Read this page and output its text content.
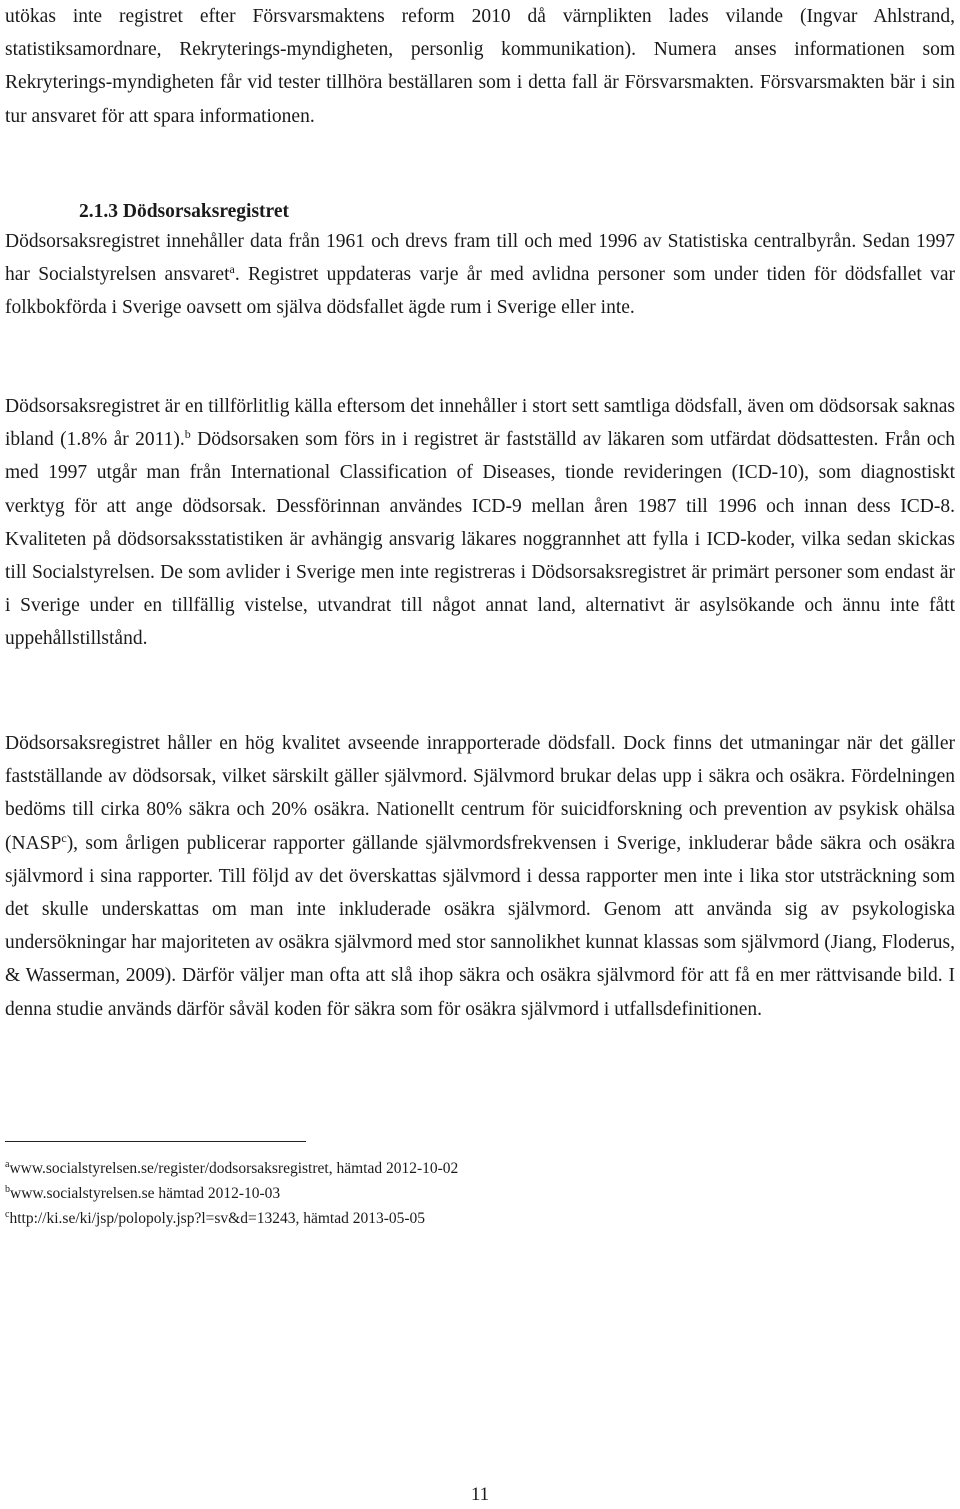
utökas inte registret efter Försvarsmaktens reform 2010 då värnplikten lades vilande (Ingvar Ahlstrand, statistiksamordnare, Rekryterings-myndigheten, personlig kommunikation). Numera anses informationen som Rekryterings-myndigheten får vid tester tillhöra beställaren som i detta fall är Försvarsmakten. Försvarsmakten bär i sin tur ansvaret för att spara informationen.

2.1.3 Dödsorsaksregistret

Dödsorsaksregistret innehåller data från 1961 och drevs fram till och med 1996 av Statistiska centralbyrån. Sedan 1997 har Socialstyrelsen ansvaret$^a$. Registret uppdateras varje år med avlidna personer som under tiden för dödsfallet var folkbokförda i Sverige oavsett om själva dödsfallet ägde rum i Sverige eller inte.

Dödsorsaksregistret är en tillförlitlig källa eftersom det innehåller i stort sett samtliga dödsfall, även om dödsorsak saknas ibland (1.8% år 2011).$^b$ Dödsorsaken som förs in i registret är fastställd av läkaren som utfärdat dödsattesten. Från och med 1997 utgår man från International Classification of Diseases, tionde revideringen (ICD-10), som diagnostiskt verktyg för att ange dödsorsak. Dessförinnan användes ICD-9 mellan åren 1987 till 1996 och innan dess ICD-8. Kvaliteten på dödsorsaksstatistiken är avhängig ansvarig läkares noggrannhet att fylla i ICD-koder, vilka sedan skickas till Socialstyrelsen. De som avlider i Sverige men inte registreras i Dödsorsaksregistret är primärt personer som endast är i Sverige under en tillfällig vistelse, utvandrat till något annat land, alternativt är asylsökande och ännu inte fått uppehållstillstånd.

Dödsorsaksregistret håller en hög kvalitet avseende inrapporterade dödsfall. Dock finns det utmaningar när det gäller fastställande av dödsorsak, vilket särskilt gäller självmord. Självmord brukar delas upp i säkra och osäkra. Fördelningen bedöms till cirka 80% säkra och 20% osäkra. Nationellt centrum för suicidforskning och prevention av psykisk ohälsa (NASP$^c$), som årligen publicerar rapporter gällande självmordsfrekvensen i Sverige, inkluderar både säkra och osäkra självmord i sina rapporter. Till följd av det överskattas självmord i dessa rapporter men inte i lika stor utsträckning som det skulle underskattas om man inte inkluderade osäkra självmord. Genom att använda sig av psykologiska undersökningar har majoriteten av osäkra självmord med stor sannolikhet kunnat klassas som självmord (Jiang, Floderus, & Wasserman, 2009). Därför väljer man ofta att slå ihop säkra och osäkra självmord för att få en mer rättvisande bild. I denna studie används därför såväl koden för säkra som för osäkra självmord i utfallsdefinitionen.

$^a$www.socialstyrelsen.se/register/dodsorsaksregistret, hämtad 2012-10-02
$^b$www.socialstyrelsen.se hämtad 2012-10-03
$^c$http://ki.se/ki/jsp/polopoly.jsp?l=sv&d=13243, hämtad 2013-05-05
11
